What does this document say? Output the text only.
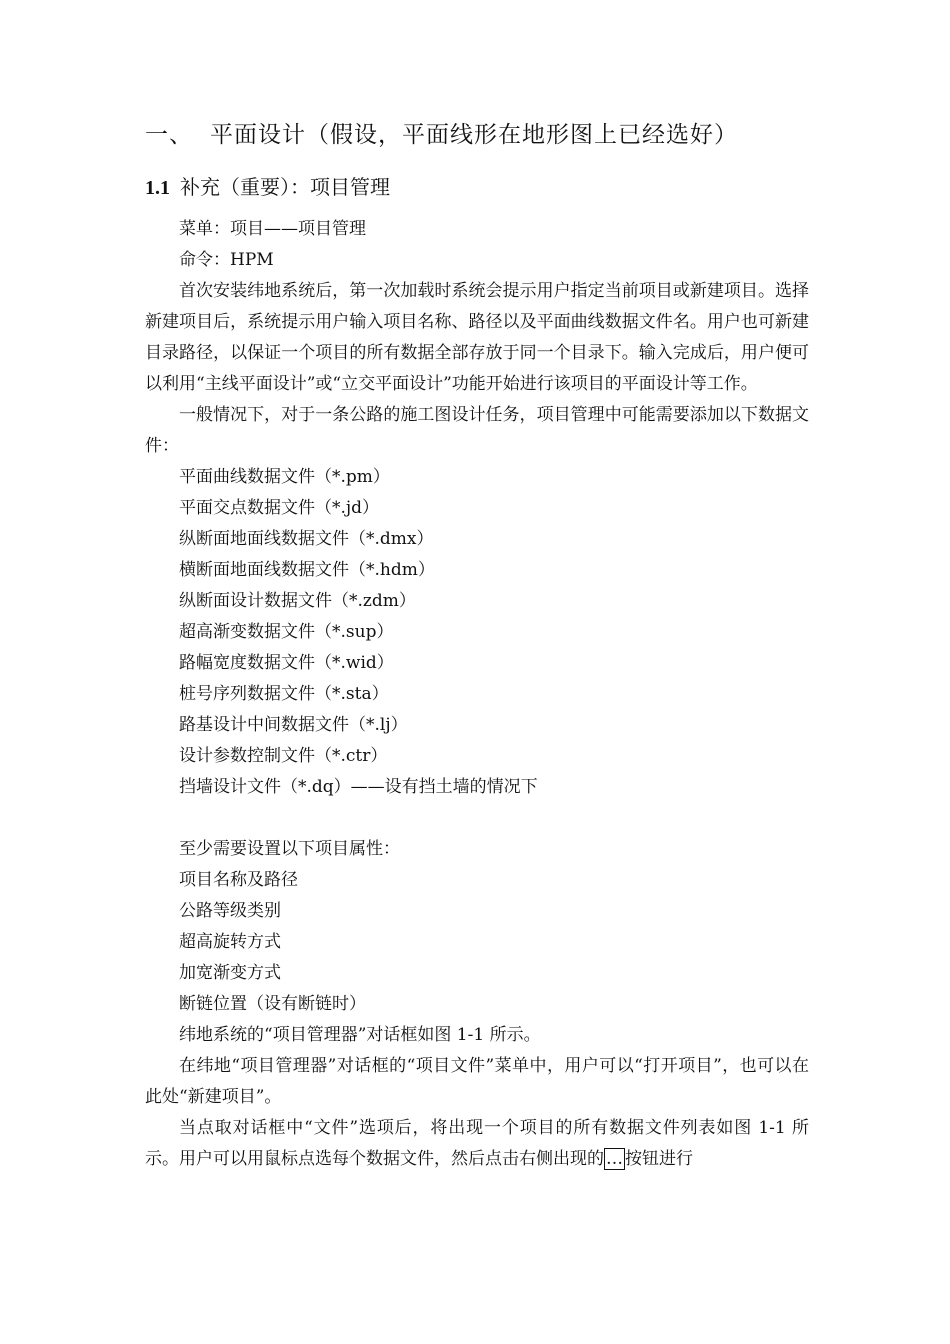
一、 平面设计（假设，平面线形在地形图上已经选好）
1.1 补充（重要）：项目管理

菜单：项目——项目管理

命令：HPM

首次安装纬地系统后，第一次加载时系统会提示用户指定当前项目或新建项目。选择新建项目后，系统提示用户输入项目名称、路径以及平面曲线数据文件名。用户也可新建目录路径，以保证一个项目的所有数据全部存放于同一个目录下。输入完成后，用户便可以利用“主线平面设计”或“立交平面设计”功能开始进行该项目的平面设计等工作。

一般情况下，对于一条公路的施工图设计任务，项目管理中可能需要添加以下数据文件：

平面曲线数据文件（*.pm）

平面交点数据文件（*.jd）

纵断面地面线数据文件（*.dmx）

横断面地面线数据文件（*.hdm）

纵断面设计数据文件（*.zdm）

超高渐变数据文件（*.sup）

路幅宽度数据文件（*.wid）

桩号序列数据文件（*.sta）

路基设计中间数据文件（*.lj）

设计参数控制文件（*.ctr）

挡墙设计文件（*.dq）——设有挡土墙的情况下

至少需要设置以下项目属性：

项目名称及路径

公路等级类别

超高旋转方式

加宽渐变方式

断链位置（设有断链时）

纬地系统的“项目管理器”对话框如图 1-1 所示。

在纬地“项目管理器”对话框的“项目文件”菜单中，用户可以“打开项目”，也可以在此处“新建项目”。

当点取对话框中“文件”选项后，将出现一个项目的所有数据文件列表如图 1-1 所示。用户可以用鼠标点选每个数据文件，然后点击右侧出现的 … 按钮进行
